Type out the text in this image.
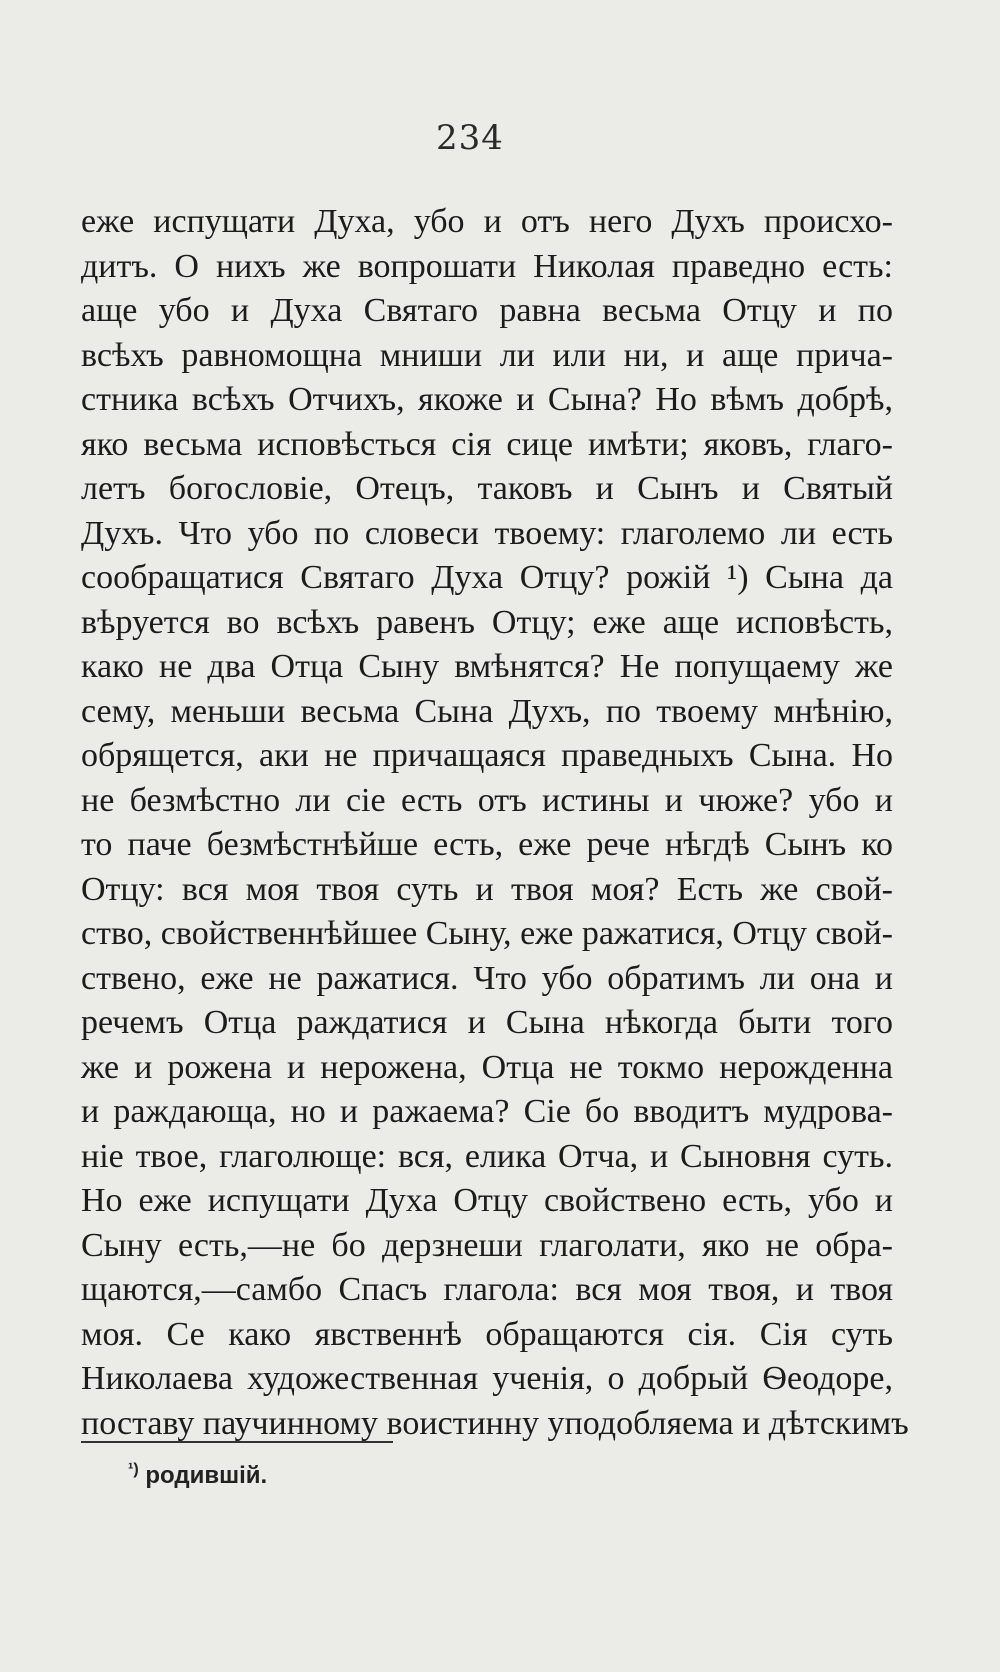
234
еже испущати Духа, убо и отъ него Духъ происхо-
дитъ. О нихъ же вопрошати Николая праведно есть:
аще убо и Духа Святаго равна весьма Отцу и по
всѣхъ равномощна мниши ли или ни, и аще прича-
стника всѣхъ Отчихъ, якоже и Сына? Но вѣмъ добрѣ,
яко весьма исповѣсться сія сице имѣти; яковъ, глаго-
летъ богословіе, Отецъ, таковъ и Сынъ и Святый
Духъ. Что убо по словеси твоему: глаголемо ли есть
сообращатися Святаго Духа Отцу? рожій ¹) Сына да
вѣруется во всѣхъ равенъ Отцу; еже аще исповѣсть,
како не два Отца Сыну вмѣнятся? Не попущаему же
сему, меньши весьма Сына Духъ, по твоему мнѣнію,
обрящется, аки не причащаяся праведныхъ Сына. Но
не безмѣстно ли сіе есть отъ истины и чюже? убо и
то паче безмѣстнѣйше есть, еже рече нѣгдѣ Сынъ ко
Отцу: вся моя твоя суть и твоя моя? Есть же свой-
ство, свойственнѣйшее Сыну, еже ражатися, Отцу свой-
ствено, еже не ражатися. Что убо обратимъ ли она и
речемъ Отца раждатися и Сына нѣкогда быти того
же и рожена и нерожена, Отца не токмо нерожденна
и раждающа, но и ражаема? Сіе бо вводитъ мудрова-
ніе твое, глаголюще: вся, елика Отча, и Сыновня суть.
Но еже испущати Духа Отцу свойствено есть, убо и
Сыну есть,—не бо дерзнеши глаголати, яко не обра-
щаются,—самбо Спасъ глагола: вся моя твоя, и твоя
моя. Се како явственнѣ обращаются сія. Сія суть
Николаева художественная ученія, о добрый Ѳеодоре,
поставу паучинному воистинну уподобляема и дѣтскимъ
$^{^1)}$ родившій.
